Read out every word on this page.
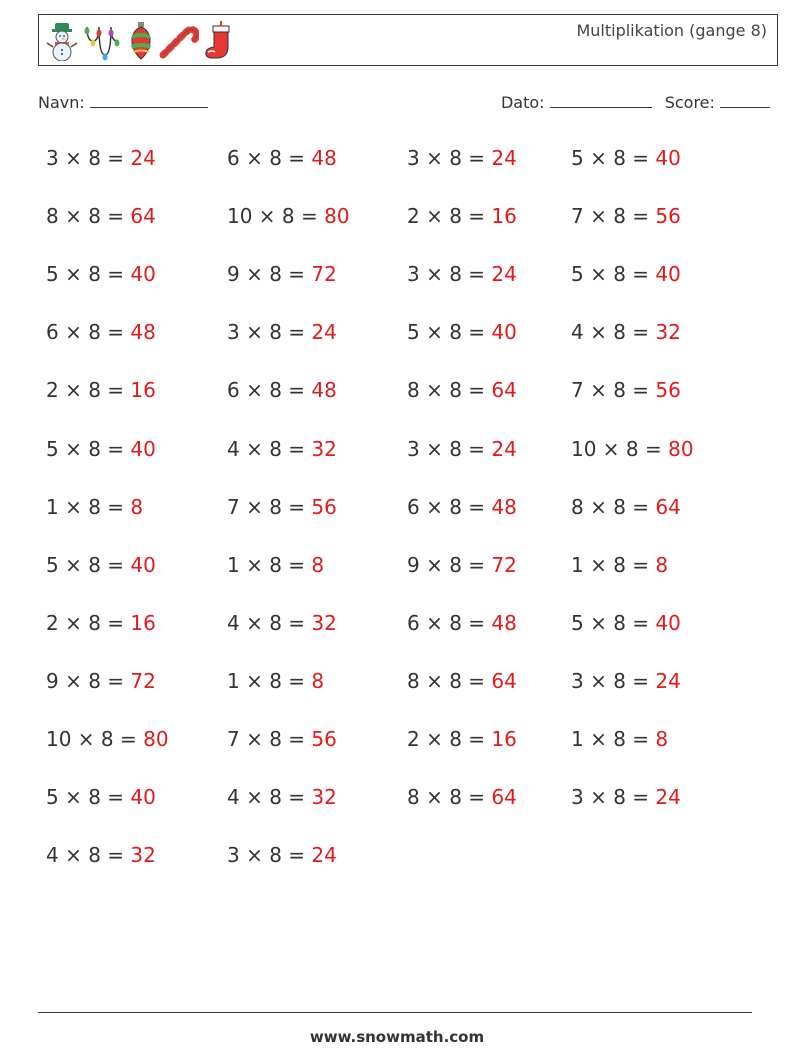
Multiplikation (gange 8)
Navn:	Dato:	Score:
3 × 8 = 24	6 × 8 = 48	3 × 8 = 24	5 × 8 = 40
8 × 8 = 64	10 × 8 = 80	2 × 8 = 16	7 × 8 = 56
5 × 8 = 40	9 × 8 = 72	3 × 8 = 24	5 × 8 = 40
6 × 8 = 48	3 × 8 = 24	5 × 8 = 40	4 × 8 = 32
2 × 8 = 16	6 × 8 = 48	8 × 8 = 64	7 × 8 = 56
5 × 8 = 40	4 × 8 = 32	3 × 8 = 24	10 × 8 = 80
1 × 8 = 8	7 × 8 = 56	6 × 8 = 48	8 × 8 = 64
5 × 8 = 40	1 × 8 = 8	9 × 8 = 72	1 × 8 = 8
2 × 8 = 16	4 × 8 = 32	6 × 8 = 48	5 × 8 = 40
9 × 8 = 72	1 × 8 = 8	8 × 8 = 64	3 × 8 = 24
10 × 8 = 80	7 × 8 = 56	2 × 8 = 16	1 × 8 = 8
5 × 8 = 40	4 × 8 = 32	8 × 8 = 64	3 × 8 = 24
4 × 8 = 32	3 × 8 = 24
www.snowmath.com
